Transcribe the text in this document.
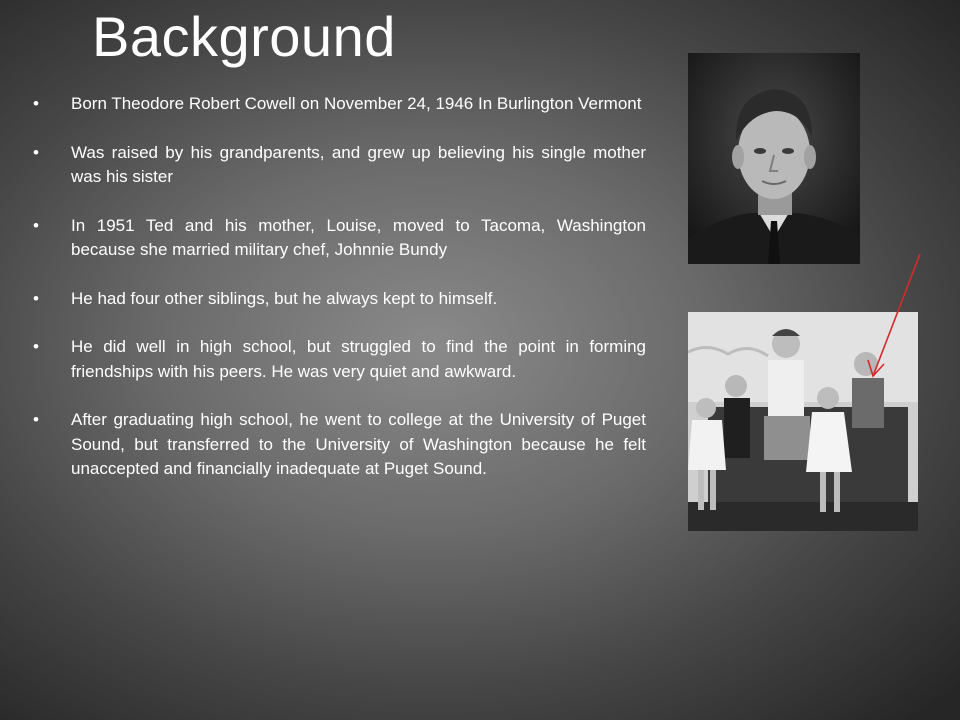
Background
• Born Theodore Robert Cowell on November 24, 1946 In Burlington Vermont
• Was raised by his grandparents, and grew up believing his single mother was his sister
• In 1951 Ted and his mother, Louise, moved to Tacoma, Washington because she married military chef, Johnnie Bundy
• He had four other siblings, but he always kept to himself.
• He did well in high school, but struggled to find the point in forming friendships with his peers. He was very quiet and awkward.
• After graduating high school, he went to college at the University of Puget Sound, but transferred to the University of Washington because he felt unaccepted and financially inadequate at Puget Sound.
